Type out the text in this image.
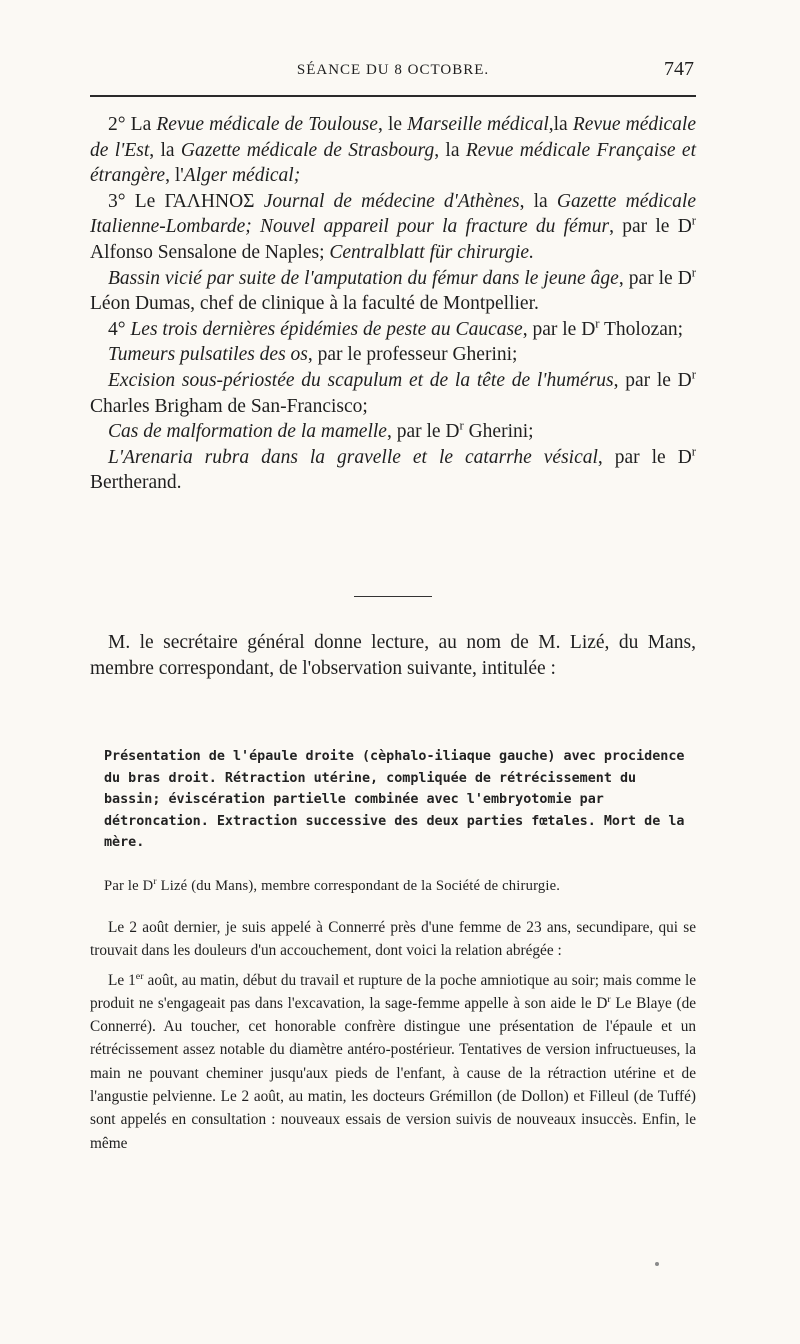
SÉANCE DU 8 OCTOBRE.	747

2° La Revue médicale de Toulouse, le Marseille médical,la Revue médicale de l'Est, la Gazette médicale de Strasbourg, la Revue médicale Française et étrangère, l'Alger médical;

3° Le ΓΑΛΗΝΟΣ Journal de médecine d'Athènes, la Gazette médicale Italienne-Lombarde; Nouvel appareil pour la fracture du fémur, par le $D^r$ Alfonso Sensalone de Naples; Centralblatt für chirurgie.

Bassin vicié par suite de l'amputation du fémur dans le jeune âge, par le $D^r$ Léon Dumas, chef de clinique à la faculté de Montpellier.

4° Les trois dernières épidémies de peste au Caucase, par le $D^r$ Tholozan;

Tumeurs pulsatiles des os, par le professeur Gherini;

Excision sous-périostée du scapulum et de la tête de l'humérus, par le $D^r$ Charles Brigham de San-Francisco;

Cas de malformation de la mamelle, par le $D^r$ Gherini;

L'Arenaria rubra dans la gravelle et le catarrhe vésical, par le $D^r$ Bertherand.

M. le secrétaire général donne lecture, au nom de M. Lizé, du Mans, membre correspondant, de l'observation suivante, intitulée :

Présentation de l'épaule droite (cèphalo-iliaque gauche) avec procidence du bras droit. Rétraction utérine, compliquée de rétrécissement du bassin; éviscération partielle combinée avec l'embryotomie par détroncation. Extraction successive des deux parties fœtales. Mort de la mère.
Par le $D^r$ Lizé (du Mans), membre correspondant de la Société de chirurgie.

Le 2 août dernier, je suis appelé à Connerré près d'une femme de 23 ans, secundipare, qui se trouvait dans les douleurs d'un accouchement, dont voici la relation abrégée :

Le 1er août, au matin, début du travail et rupture de la poche amniotique au soir; mais comme le produit ne s'engageait pas dans l'excavation, la sage-femme appelle à son aide le $D^r$ Le Blaye (de Connerré). Au toucher, cet honorable confrère distingue une présentation de l'épaule et un rétrécissement assez notable du diamètre antéro-postérieur. Tentatives de version infructueuses, la main ne pouvant cheminer jusqu'aux pieds de l'enfant, à cause de la rétraction utérine et de l'angustie pelvienne. Le 2 août, au matin, les docteurs Grémillon (de Dollon) et Filleul (de Tuffé) sont appelés en consultation : nouveaux essais de version suivis de nouveaux insuccès. Enfin, le même
